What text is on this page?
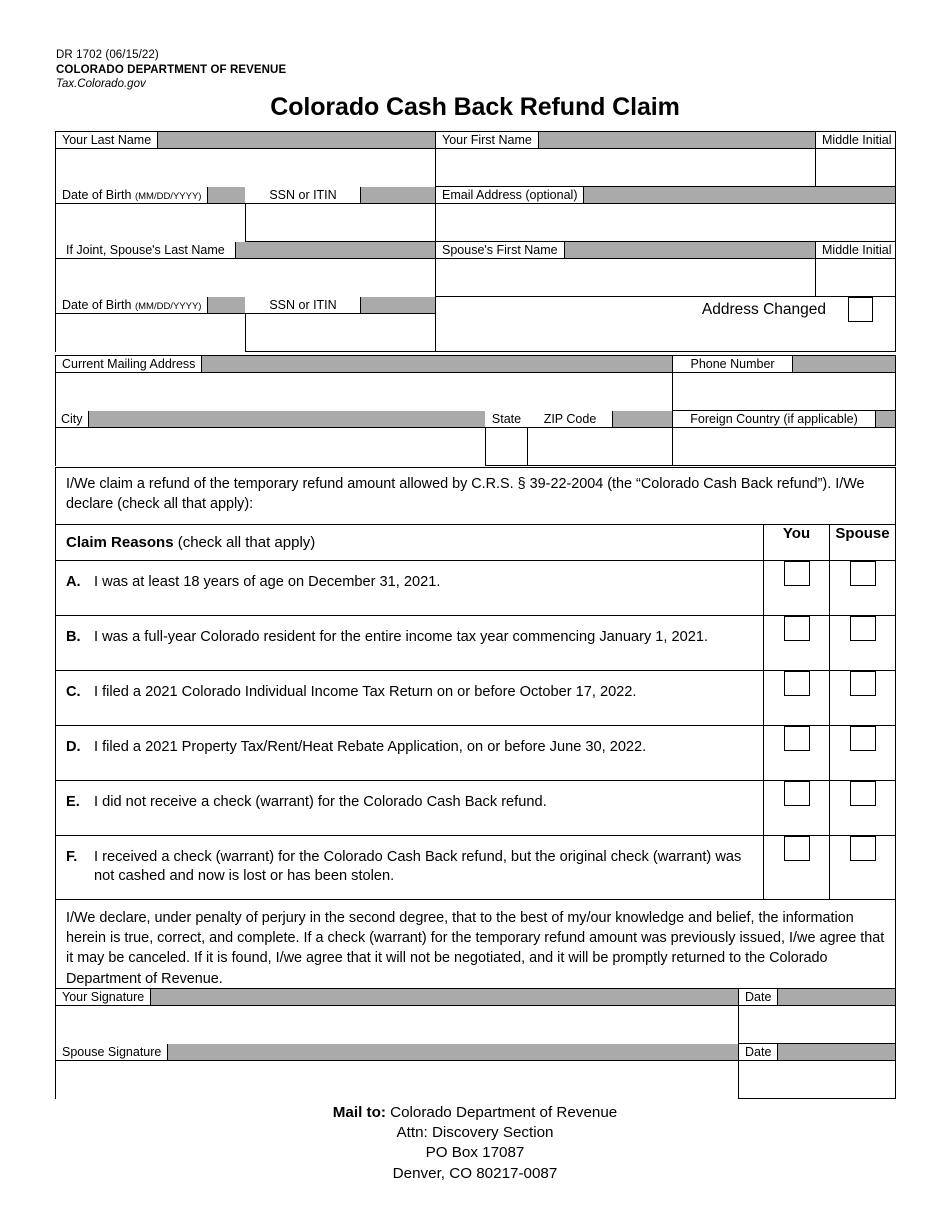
DR 1702 (06/15/22)
COLORADO DEPARTMENT OF REVENUE
Tax.Colorado.gov
Colorado Cash Back Refund Claim
Your Last Name		Your First Name	Middle Initial

Date of Birth (MM/DD/YYYY)	SSN or ITIN	Email Address (optional)	

If Joint, Spouse's Last Name		Spouse's First Name	Middle Initial

Date of Birth (MM/DD/YYYY)	SSN or ITIN	Address Changed	
Current Mailing Address			Phone Number

City	State	ZIP Code	Foreign Country (if applicable)
I/We claim a refund of the temporary refund amount allowed by C.R.S. § 39-22-2004 (the “Colorado Cash Back refund”). I/We declare (check all that apply):		

Claim Reasons (check all that apply)	You	Spouse

A. I was at least 18 years of age on December 31, 2021.		

B. I was a full-year Colorado resident for the entire income tax year commencing January 1, 2021.		

C. I filed a 2021 Colorado Individual Income Tax Return on or before October 17, 2022.		

D. I filed a 2021 Property Tax/Rent/Heat Rebate Application, on or before June 30, 2022.		

E. I did not receive a check (warrant) for the Colorado Cash Back refund.		

F. I received a check (warrant) for the Colorado Cash Back refund, but the original check (warrant) was not cashed and now is lost or has been stolen.		

I/We declare, under penalty of perjury in the second degree, that to the best of my/our knowledge and belief, the information herein is true, correct, and complete. If a check (warrant) for the temporary refund amount was previously issued, I/we agree that it may be canceled. If it is found, I/we agree that it will not be negotiated, and it will be promptly returned to the Colorado Department of Revenue.		
Your Signature	Date

Spouse Signature	Date
Mail to: Colorado Department of Revenue
Attn: Discovery Section
PO Box 17087
Denver, CO 80217-0087
